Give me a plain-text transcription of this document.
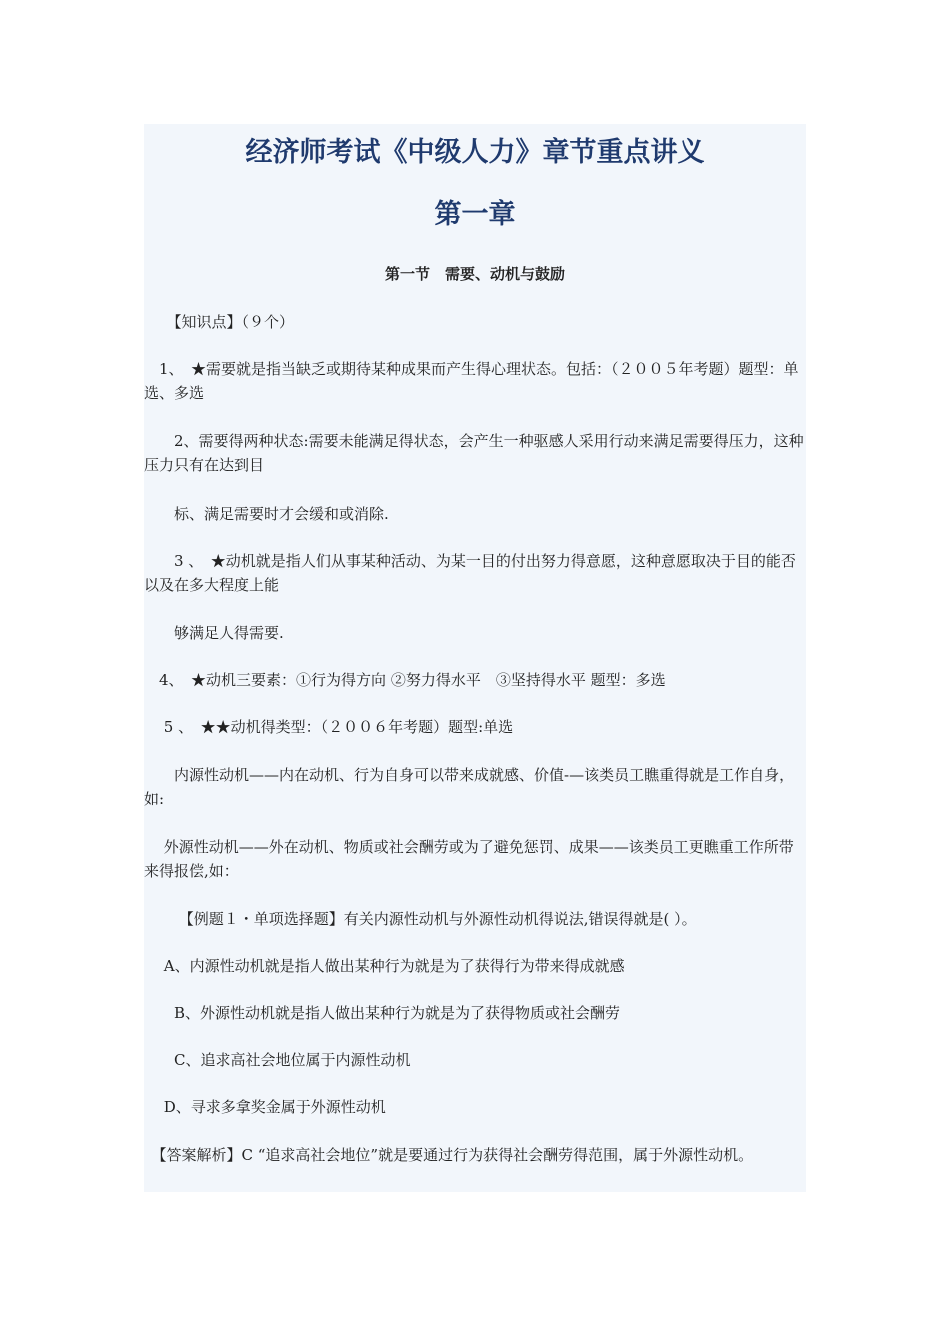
经济师考试《中级人力》章节重点讲义
第一章
第一节　需要、动机与鼓励

　　【知识点】（９个）

　1、　★需要就是指当缺乏或期待某种成果而产生得心理状态。包括：（２００５年考题）题型：单选、多选

　　2、需要得两种状态:需要未能满足得状态，会产生一种驱感人采用行动来满足需要得压力，这种压力只有在达到目

　　标、满足需要时才会缓和或消除.

　　3 、　★动机就是指人们从事某种活动、为某一目的付出努力得意愿，这种意愿取决于目的能否以及在多大程度上能

　　够满足人得需要.

　4、　★动机三要素：①行为得方向 ②努力得水平　③坚持得水平 题型：多选

　 5 、　★★动机得类型：（２００６年考题）题型:单选

　　内源性动机——内在动机、行为自身可以带来成就感、价值-—该类员工瞧重得就是工作自身，如:

　 外源性动机——外在动机、物质或社会酬劳或为了避免惩罚、成果——该类员工更瞧重工作所带来得报偿,如：

　　 【例题１・单项选择题】有关内源性动机与外源性动机得说法,错误得就是( ）。

　 A、内源性动机就是指人做出某种行为就是为了获得行为带来得成就感

　　B、外源性动机就是指人做出某种行为就是为了获得物质或社会酬劳

　　C、追求高社会地位属于内源性动机

　 D、寻求多拿奖金属于外源性动机

　【答案解析】C “追求高社会地位”就是要通过行为获得社会酬劳得范围，属于外源性动机。
